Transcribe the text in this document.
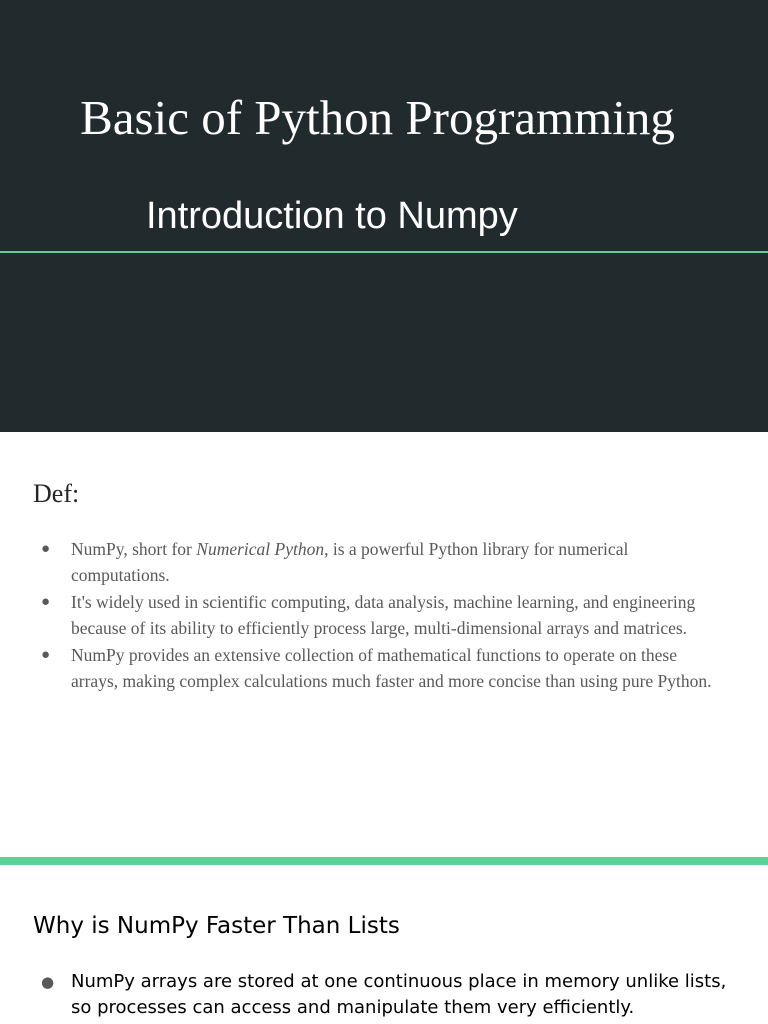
Basic of Python Programming
Introduction to Numpy
Def:
● NumPy, short for Numerical Python, is a powerful Python library for numerical computations.
● It's widely used in scientific computing, data analysis, machine learning, and engineering because of its ability to efficiently process large, multi-dimensional arrays and matrices.
● NumPy provides an extensive collection of mathematical functions to operate on these arrays, making complex calculations much faster and more concise than using pure Python.
Why is NumPy Faster Than Lists
● NumPy arrays are stored at one continuous place in memory unlike lists, so processes can access and manipulate them very efficiently.
